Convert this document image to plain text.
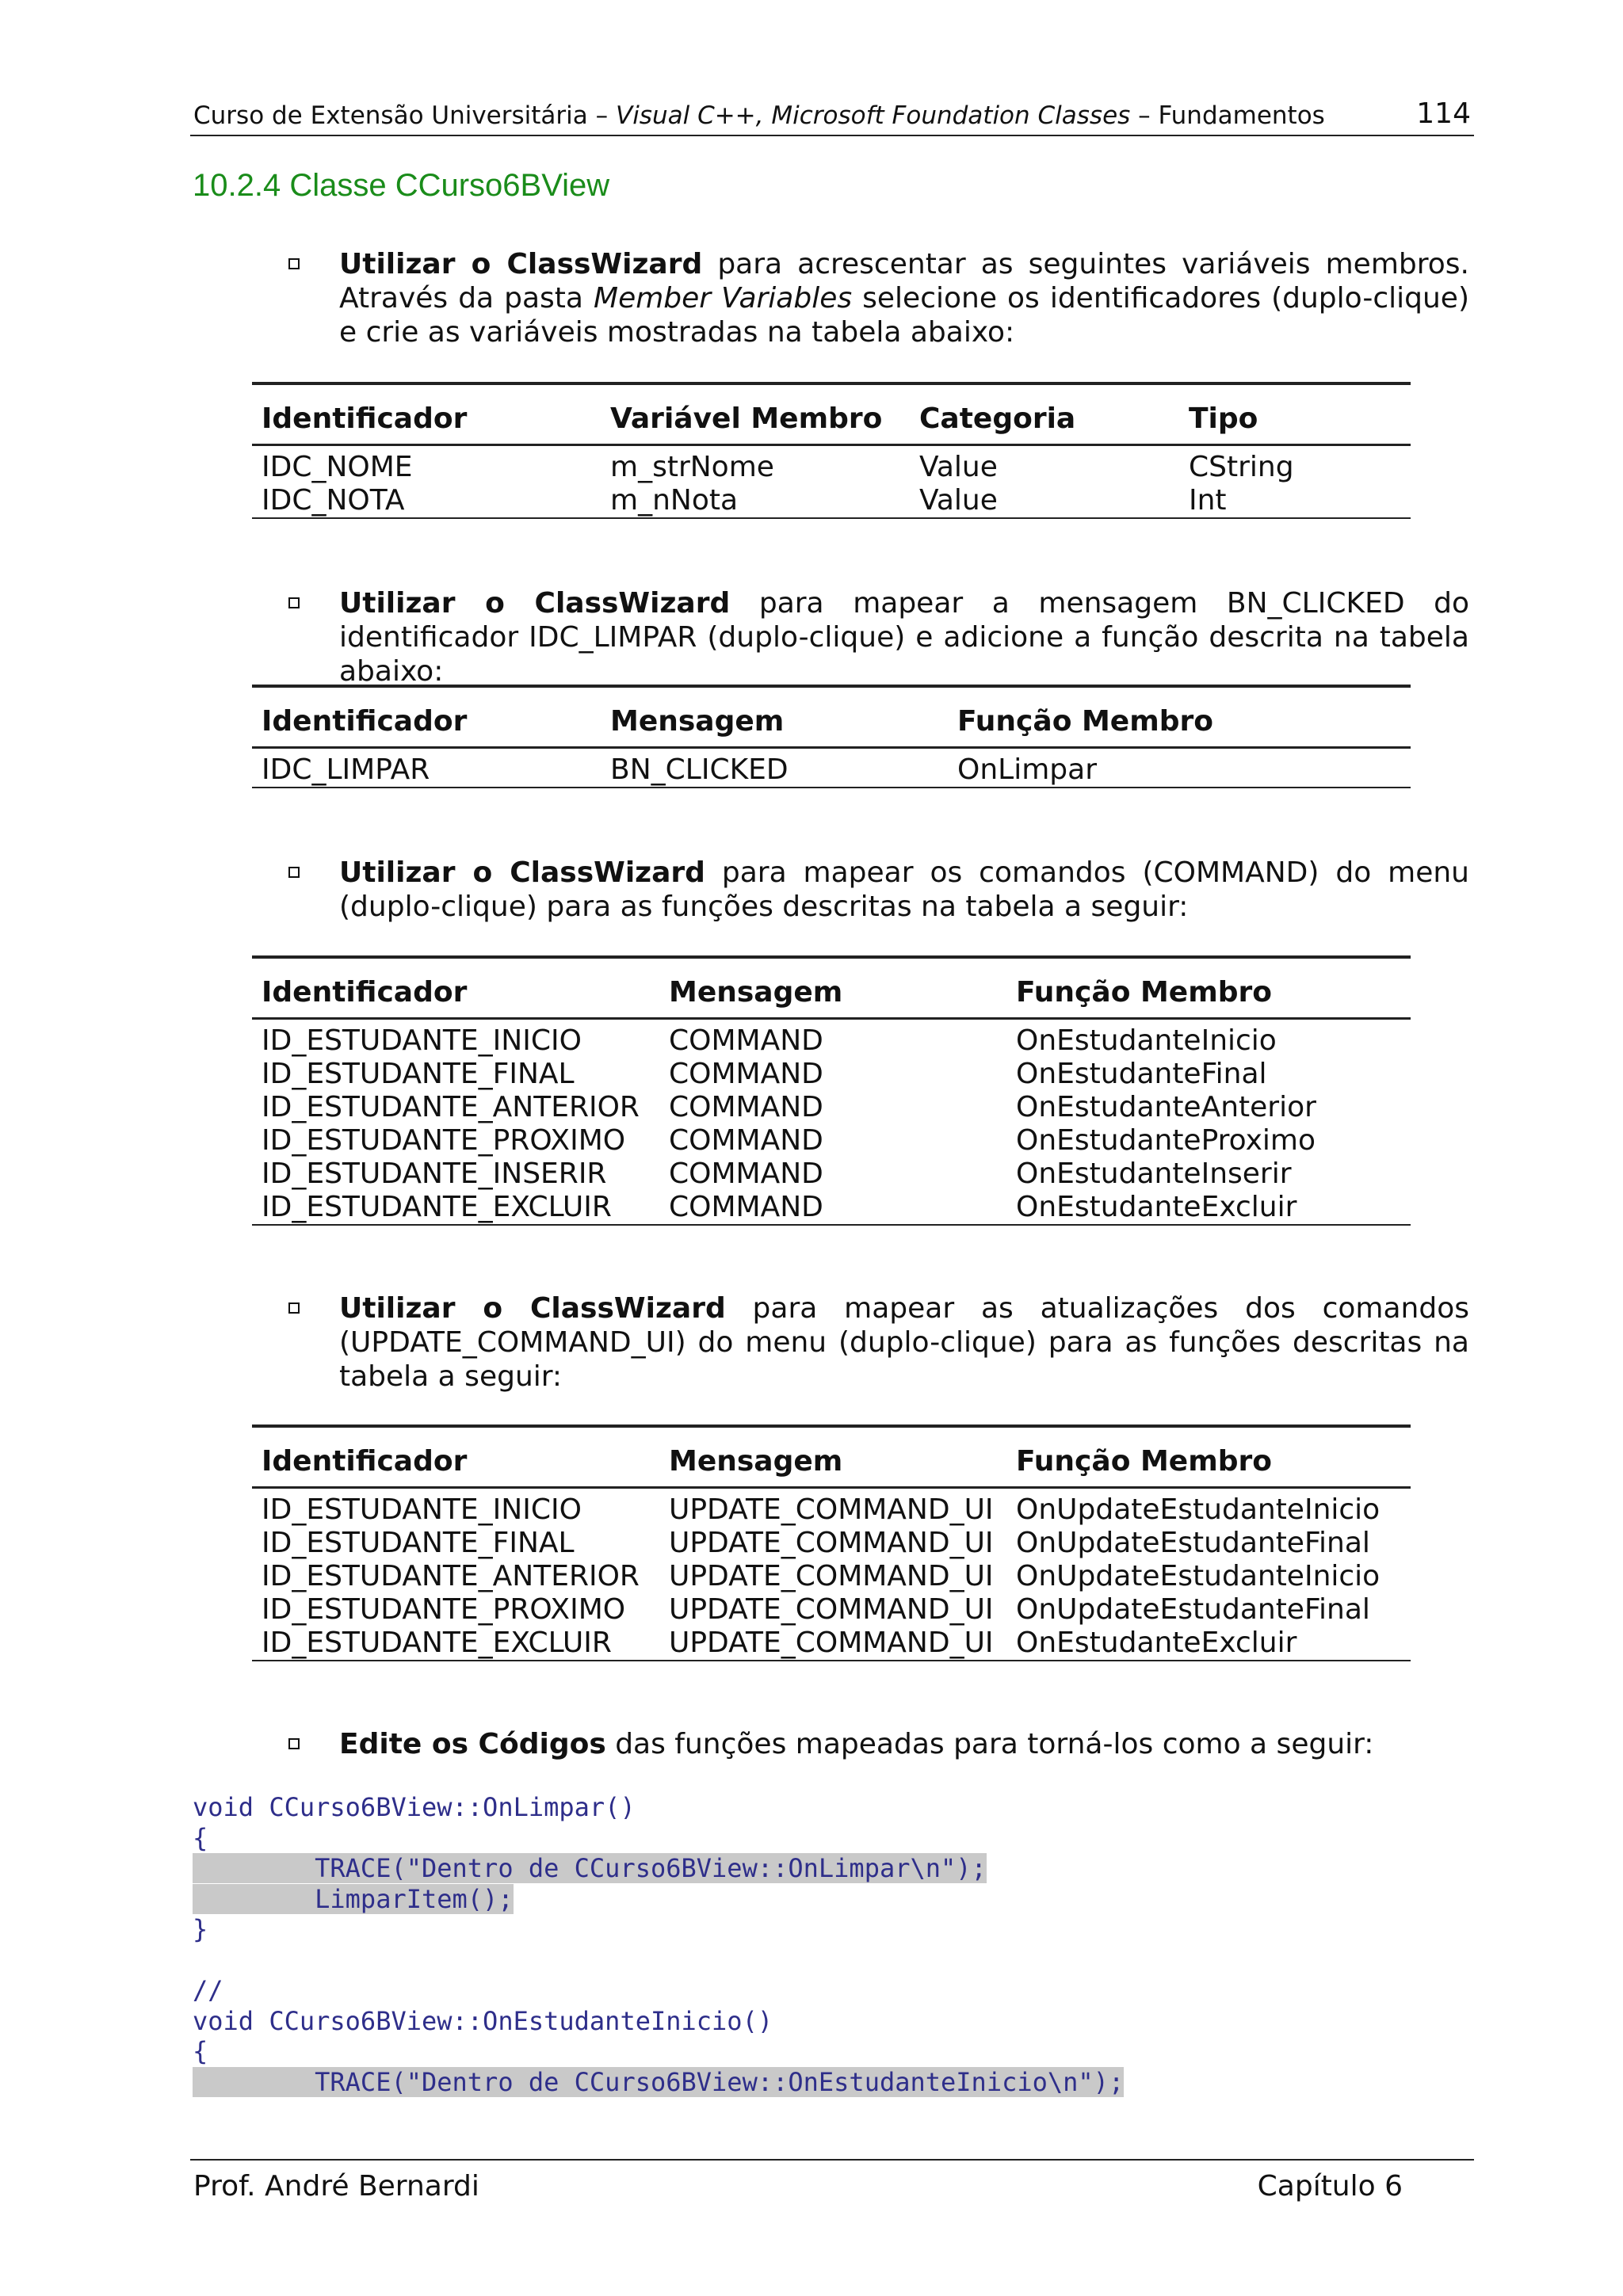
Curso de Extensão Universitária – Visual C++, Microsoft Foundation Classes – Fundamentos	114
10.2.4 Classe CCurso6BView
Utilizar o ClassWizard para acrescentar as seguintes variáveis membros. Através da pasta Member Variables selecione os identificadores (duplo-clique) e crie as variáveis mostradas na tabela abaixo:
Identificador	Variável Membro	Categoria	Tipo
IDC_NOME	m_strNome	Value	CString
IDC_NOTA	m_nNota	Value	Int
Utilizar o ClassWizard para mapear a mensagem BN_CLICKED do identificador IDC_LIMPAR (duplo-clique) e adicione a função descrita na tabela abaixo:
Identificador	Mensagem	Função Membro
IDC_LIMPAR	BN_CLICKED	OnLimpar
Utilizar o ClassWizard para mapear os comandos (COMMAND) do menu (duplo-clique) para as funções descritas na tabela a seguir:
Identificador	Mensagem	Função Membro
ID_ESTUDANTE_INICIO	COMMAND	OnEstudanteInicio
ID_ESTUDANTE_FINAL	COMMAND	OnEstudanteFinal
ID_ESTUDANTE_ANTERIOR	COMMAND	OnEstudanteAnterior
ID_ESTUDANTE_PROXIMO	COMMAND	OnEstudanteProximo
ID_ESTUDANTE_INSERIR	COMMAND	OnEstudanteInserir
ID_ESTUDANTE_EXCLUIR	COMMAND	OnEstudanteExcluir
Utilizar o ClassWizard para mapear as atualizações dos comandos (UPDATE_COMMAND_UI) do menu (duplo-clique) para as funções descritas na tabela a seguir:
Identificador	Mensagem	Função Membro
ID_ESTUDANTE_INICIO	UPDATE_COMMAND_UI	OnUpdateEstudanteInicio
ID_ESTUDANTE_FINAL	UPDATE_COMMAND_UI	OnUpdateEstudanteFinal
ID_ESTUDANTE_ANTERIOR	UPDATE_COMMAND_UI	OnUpdateEstudanteInicio
ID_ESTUDANTE_PROXIMO	UPDATE_COMMAND_UI	OnUpdateEstudanteFinal
ID_ESTUDANTE_EXCLUIR	UPDATE_COMMAND_UI	OnEstudanteExcluir
Edite os Códigos das funções mapeadas para torná-los como a seguir:
void CCurso6BView::OnLimpar()
{
TRACE("Dentro de CCurso6BView::OnLimpar\n");
LimparItem();
}
//
void CCurso6BView::OnEstudanteInicio()
{
TRACE("Dentro de CCurso6BView::OnEstudanteInicio\n");
Prof. André Bernardi	Capítulo 6
